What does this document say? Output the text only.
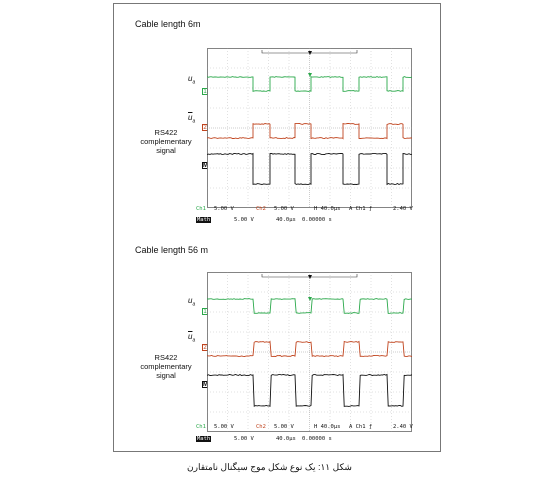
Cable length 6m
RS422
complementary
signal
$u_a$
$\overline{u}_a$
1
2
M
Ch1 5.00 V	Ch2 5.00 V	H 40.0µs A Ch1 ƒ	2.40 V
Math	5.00 V	40.0µs 0.00000 s
Cable length 56 m
RS422
complementary
signal
$u_a$
$\overline{u}_a$
1
2
M
Ch1 5.00 V	Ch2 5.00 V	H 40.0µs A Ch1 ƒ	2.40 V
Math	5.00 V	40.0µs 0.00000 s
شکل ۱۱: یک نوع شکل موج سیگنال نامتقارن
